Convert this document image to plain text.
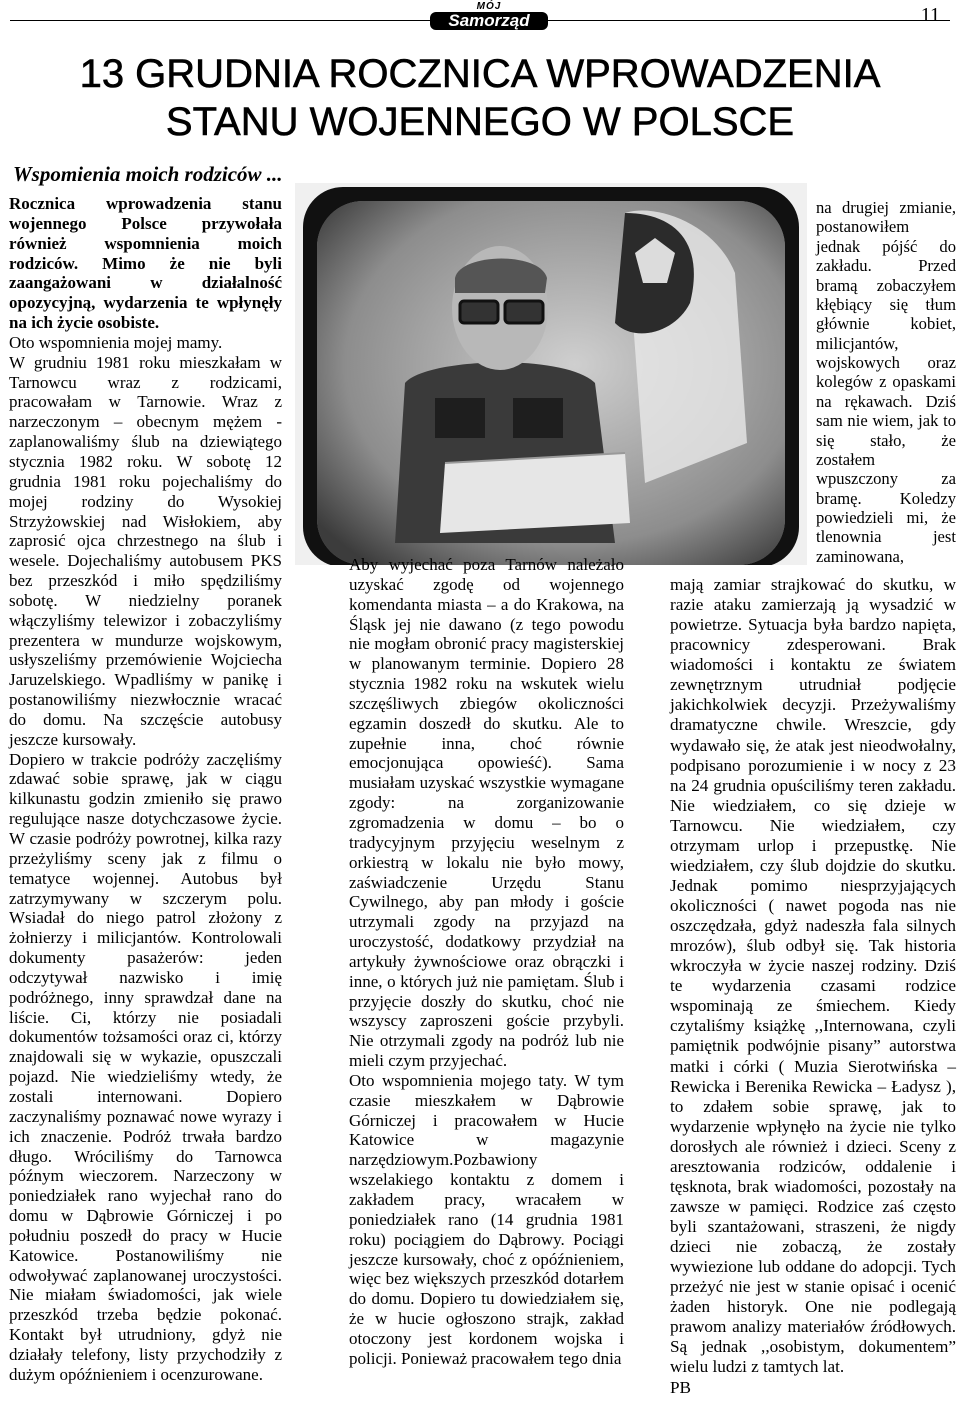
MÓJ
Samorząd	11
13 GRUDNIA ROCZNICA WPROWADZENIA
STANU WOJENNEGO W POLSCE
Wspomienia moich rodziców ...

Rocznica wprowadzenia stanu wojennego Polsce przywołała również wspomnienia moich rodziców. Mimo że nie byli zaangażowani w działalność opozycyjną, wydarzenia te wpłynęły na ich życie osobiste.

Oto wspomnienia mojej mamy.

W grudniu 1981 roku mieszkałam w Tarnowcu wraz z rodzicami, pracowałam w Tarnowie. Wraz z narzeczonym – obecnym mężem - zaplanowaliśmy ślub na dziewiątego stycznia 1982 roku. W sobotę 12 grudnia 1981 roku pojechaliśmy do mojej rodziny do Wysokiej Strzyżowskiej nad Wisłokiem, aby zaprosić ojca chrzestnego na ślub i wesele. Dojechaliśmy autobusem PKS bez przeszkód i miło spędziliśmy sobotę. W niedzielny poranek włączyliśmy telewizor i zobaczyliśmy prezentera w mundurze wojskowym, usłyszeliśmy przemówienie Wojciecha Jaruzelskiego. Wpadliśmy w panikę i postanowiliśmy niezwłocznie wracać do domu. Na szczęście autobusy jeszcze kursowały.

Dopiero w trakcie podróży zaczęliśmy zdawać sobie sprawę, jak w ciągu kilkunastu godzin zmieniło się prawo regulujące nasze dotychczasowe życie. W czasie podróży powrotnej, kilka razy przeżyliśmy sceny jak z filmu o tematyce wojennej. Autobus był zatrzymywany w szczerym polu. Wsiadał do niego patrol złożony z żołnierzy i milicjantów. Kontrolowali dokumenty pasażerów: jeden odczytywał nazwisko i imię podróżnego, inny sprawdzał dane na liście. Ci, którzy nie posiadali dokumentów tożsamości oraz ci, którzy znajdowali się w wykazie, opuszczali pojazd. Nie wiedzieliśmy wtedy, że zostali internowani. Dopiero zaczynaliśmy poznawać nowe wyrazy i ich znaczenie. Podróż trwała bardzo długo. Wróciliśmy do Tarnowca późnym wieczorem. Narzeczony w poniedziałek rano wyjechał rano do domu w Dąbrowie Górniczej i po południu poszedł do pracy w Hucie Katowice. Postanowiliśmy nie odwoływać zaplanowanej uroczystości. Nie miałam świadomości, jak wiele przeszkód trzeba będzie pokonać. Kontakt był utrudniony, gdyż nie działały telefony, listy przychodziły z dużym opóźnieniem i ocenzurowane.

Aby wyjechać poza Tarnów należało uzyskać zgodę od wojennego komendanta miasta – a do Krakowa, na Śląsk jej nie dawano (z tego powodu nie mogłam obronić pracy magisterskiej w planowanym terminie. Dopiero 28 stycznia 1982 roku na wskutek wielu szczęśliwych zbiegów okoliczności egzamin doszedł do skutku. Ale to zupełnie inna, choć równie emocjonująca opowieść). Sama musiałam uzyskać wszystkie wymagane zgody: na zorganizowanie zgromadzenia w domu – bo o tradycyjnym przyjęciu weselnym z orkiestrą w lokalu nie było mowy, zaświadczenie Urzędu Stanu Cywilnego, aby pan młody i goście utrzymali zgody na przyjazd na uroczystość, dodatkowy przydział na artykuły żywnościowe oraz obrączki i inne, o których już nie pamiętam. Ślub i przyjęcie doszły do skutku, choć nie wszyscy zaproszeni goście przybyli. Nie otrzymali zgody na podróż lub nie mieli czym przyjechać.

Oto wspomnienia mojego taty. W tym czasie mieszkałem w Dąbrowie Górniczej i pracowałem w Hucie Katowice w magazynie narzędziowym.Pozbawiony wszelakiego kontaktu z domem i zakładem pracy, wracałem w poniedziałek rano (14 grudnia 1981 roku) pociągiem do Dąbrowy. Pociągi jeszcze kursowały, choć z opóźnieniem, więc bez większych przeszkód dotarłem do domu. Dopiero tu dowiedziałem się, że w hucie ogłoszono strajk, zakład otoczony jest kordonem wojska i policji. Ponieważ pracowałem tego dnia

na drugiej zmianie, postanowiłem jednak pójść do zakładu. Przed bramą zobaczyłem kłębiący się tłum głównie kobiet, milicjantów, wojskowych oraz kolegów z opaskami na rękawach. Dziś sam nie wiem, jak to się stało, że zostałem wpuszczony za bramę. Koledzy powiedzieli mi, że tlenownia jest zaminowana,

mają zamiar strajkować do skutku, w razie ataku zamierzają ją wysadzić w powietrze. Sytuacja była bardzo napięta, pracownicy zdesperowani. Brak wiadomości i kontaktu ze światem zewnętrznym utrudniał podjęcie jakichkolwiek decyzji. Przeżywaliśmy dramatyczne chwile. Wreszcie, gdy wydawało się, że atak jest nieodwołalny, podpisano porozumienie i w nocy z 23 na 24 grudnia opuściliśmy teren zakładu. Nie wiedziałem, co się dzieje w Tarnowcu. Nie wiedziałem, czy otrzymam urlop i przepustkę. Nie wiedziałem, czy ślub dojdzie do skutku. Jednak pomimo niesprzyjających okoliczności ( nawet pogoda nas nie oszczędzała, gdyż nadeszła fala silnych mrozów), ślub odbył się. Tak historia wkroczyła w życie naszej rodziny. Dziś te wydarzenia czasami rodzice wspominają ze śmiechem. Kiedy czytaliśmy książkę ,,Internowana, czyli pamiętnik podwójnie pisany” autorstwa matki i córki ( Muzia Sierotwińska – Rewicka i Berenika Rewicka – Ładysz ), to zdałem sobie sprawę, jak to wydarzenie wpłynęło na życie nie tylko dorosłych ale również i dzieci. Sceny z aresztowania rodziców, oddalenie i tęsknota, brak wiadomości, pozostały na zawsze w pamięci. Rodzice zaś często byli szantażowani, straszeni, że nigdy dzieci nie zobaczą, że zostały wywiezione lub oddane do adopcji. Tych przeżyć nie jest w stanie opisać i ocenić żaden historyk. One nie podlegają prawom analizy materiałów źródłowych. Są jednak ,,osobistym, dokumentem” wielu ludzi z tamtych lat.

PB
